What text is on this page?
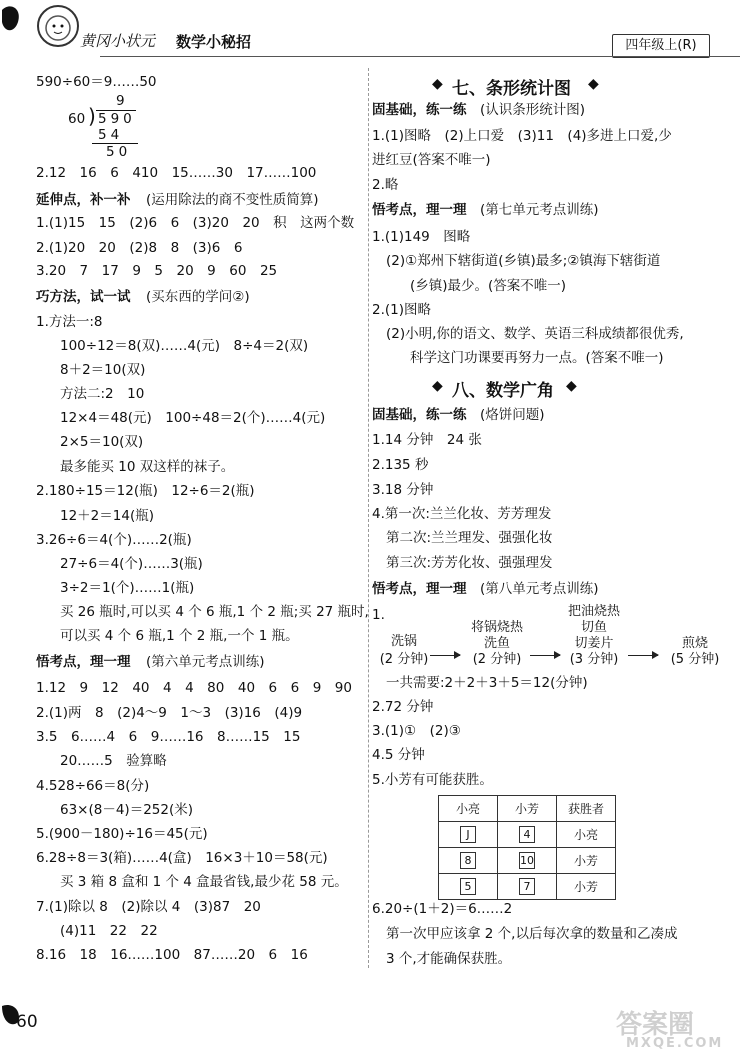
黄冈小状元 数学小秘招	四年级上(R)
590÷60＝9……50
9
60 ) 590
54
50
2.12　16　6　410　15……30　17……100
延伸点，补一补 (运用除法的商不变性质简算)
1.(1)15　15　(2)6　6　(3)20　20　积　这两个数
2.(1)20　20　(2)8　8　(3)6　6
3.20　7　17　9　5　20　9　60　25
巧方法，试一试 (买东西的学问②)
1.方法一:8
100÷12＝8(双)……4(元)　8÷4＝2(双)
8＋2＝10(双)
方法二:2　10
12×4＝48(元)　100÷48＝2(个)……4(元)
2×5＝10(双)
最多能买 10 双这样的袜子。
2.180÷15＝12(瓶)　12÷6＝2(瓶)
12＋2＝14(瓶)
3.26÷6＝4(个)……2(瓶)
27÷6＝4(个)……3(瓶)
3÷2＝1(个)……1(瓶)
买 26 瓶时,可以买 4 个 6 瓶,1 个 2 瓶;买 27 瓶时,
可以买 4 个 6 瓶,1 个 2 瓶,一个 1 瓶。
悟考点，理一理 (第六单元考点训练)
1.12　9　12　40　4　4　80　40　6　6　9　90
2.(1)两　8　(2)4～9　1～3　(3)16　(4)9
3.5　6……4　6　9……16　8……15　15
20……5　验算略
4.528÷66＝8(分)
63×(8－4)＝252(米)
5.(900－180)÷16＝45(元)
6.28÷8＝3(箱)……4(盒)　16×3＋10＝58(元)
买 3 箱 8 盒和 1 个 4 盒最省钱,最少花 58 元。
7.(1)除以 8　(2)除以 4　(3)87　20
(4)11　22　22
8.16　18　16……100　87……20　6　16
◆ 七、条形统计图 ◆
固基础，练一练 (认识条形统计图)
1.(1)图略　(2)上口爱　(3)11　(4)多进上口爱,少
进红豆(答案不唯一)
2.略
悟考点，理一理 (第七单元考点训练)
1.(1)149　图略
(2)①郑州下辖街道(乡镇)最多;②镇海下辖街道
(乡镇)最少。(答案不唯一)
2.(1)图略
(2)小明,你的语文、数学、英语三科成绩都很优秀,
科学这门功课要再努力一点。(答案不唯一)
◆ 八、数学广角 ◆
固基础，练一练 (烙饼问题)
1.14 分钟　24 张
2.135 秒
3.18 分钟
4.第一次:兰兰化妆、芳芳理发
第二次:兰兰理发、强强化妆
第三次:芳芳化妆、强强理发
悟考点，理一理 (第八单元考点训练)
1.
洗锅
(2 分钟)
将锅烧热
洗鱼
(2 分钟)
把油烧热
切鱼
切姜片
(3 分钟)
煎烧
(5 分钟)
一共需要:2＋2＋3＋5＝12(分钟)
2.72 分钟
3.(1)①　(2)③
4.5 分钟
5.小芳有可能获胜。
小亮	小芳	获胜者
J	4	小亮
8	10	小芳
5	7	小芳
6.20÷(1＋2)＝6……2
第一次甲应该拿 2 个,以后每次拿的数量和乙凑成
3 个,才能确保获胜。
60	答案圈
MXQE.COM
